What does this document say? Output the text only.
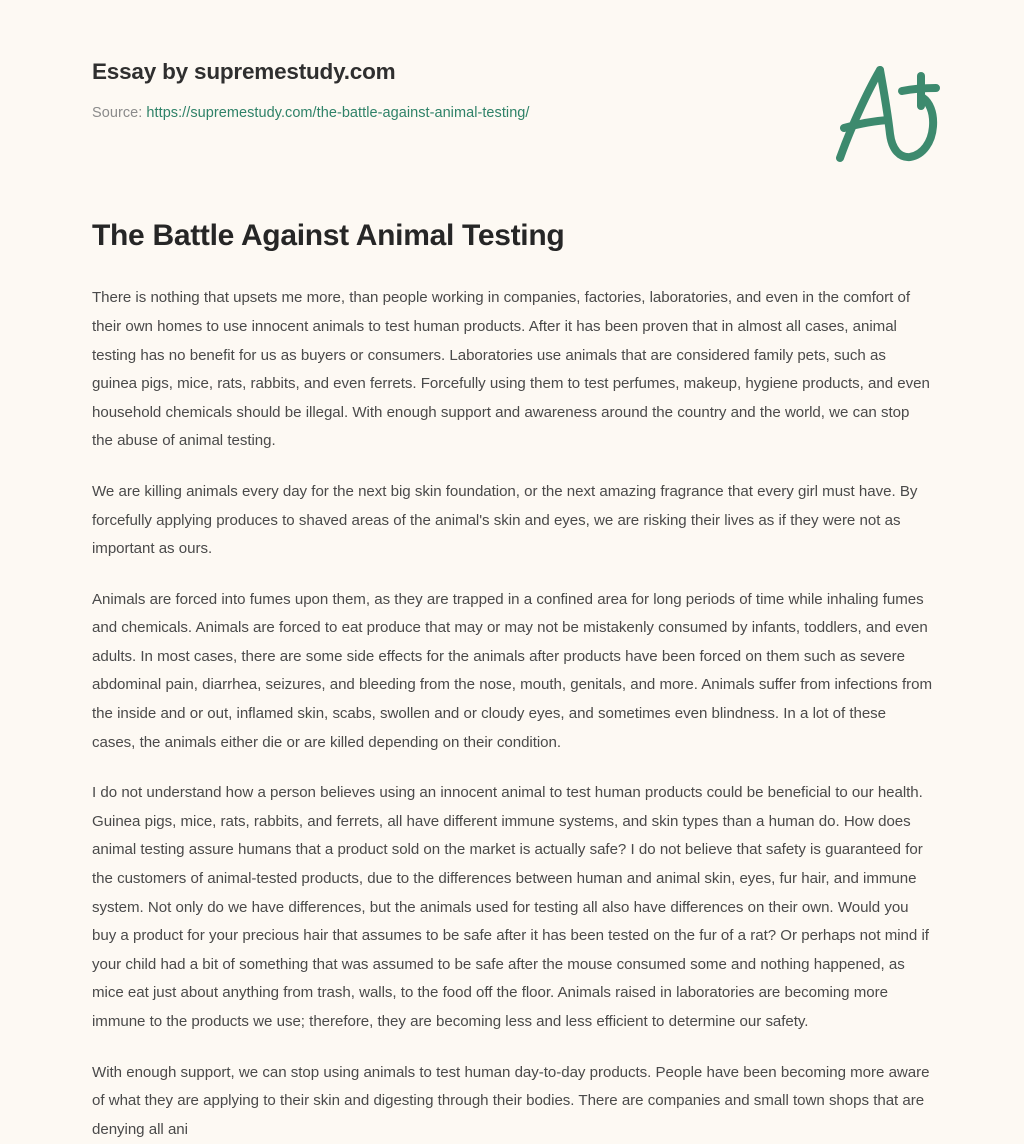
Essay by supremestudy.com
Source: https://supremestudy.com/the-battle-against-animal-testing/
The Battle Against Animal Testing

There is nothing that upsets me more, than people working in companies, factories, laboratories, and even in the comfort of their own homes to use innocent animals to test human products. After it has been proven that in almost all cases, animal testing has no benefit for us as buyers or consumers. Laboratories use animals that are considered family pets, such as guinea pigs, mice, rats, rabbits, and even ferrets. Forcefully using them to test perfumes, makeup, hygiene products, and even household chemicals should be illegal. With enough support and awareness around the country and the world, we can stop the abuse of animal testing.

We are killing animals every day for the next big skin foundation, or the next amazing fragrance that every girl must have. By forcefully applying produces to shaved areas of the animal's skin and eyes, we are risking their lives as if they were not as important as ours.

Animals are forced into fumes upon them, as they are trapped in a confined area for long periods of time while inhaling fumes and chemicals. Animals are forced to eat produce that may or may not be mistakenly consumed by infants, toddlers, and even adults. In most cases, there are some side effects for the animals after products have been forced on them such as severe abdominal pain, diarrhea, seizures, and bleeding from the nose, mouth, genitals, and more. Animals suffer from infections from the inside and or out, inflamed skin, scabs, swollen and or cloudy eyes, and sometimes even blindness. In a lot of these cases, the animals either die or are killed depending on their condition.

I do not understand how a person believes using an innocent animal to test human products could be beneficial to our health. Guinea pigs, mice, rats, rabbits, and ferrets, all have different immune systems, and skin types than a human do. How does animal testing assure humans that a product sold on the market is actually safe? I do not believe that safety is guaranteed for the customers of animal-tested products, due to the differences between human and animal skin, eyes, fur hair, and immune system. Not only do we have differences, but the animals used for testing all also have differences on their own. Would you buy a product for your precious hair that assumes to be safe after it has been tested on the fur of a rat? Or perhaps not mind if your child had a bit of something that was assumed to be safe after the mouse consumed some and nothing happened, as mice eat just about anything from trash, walls, to the food off the floor. Animals raised in laboratories are becoming more immune to the products we use; therefore, they are becoming less and less efficient to determine our safety.

With enough support, we can stop using animals to test human day-to-day products. People have been becoming more aware of what they are applying to their skin and digesting through their bodies. There are companies and small town shops that are denying all ani
